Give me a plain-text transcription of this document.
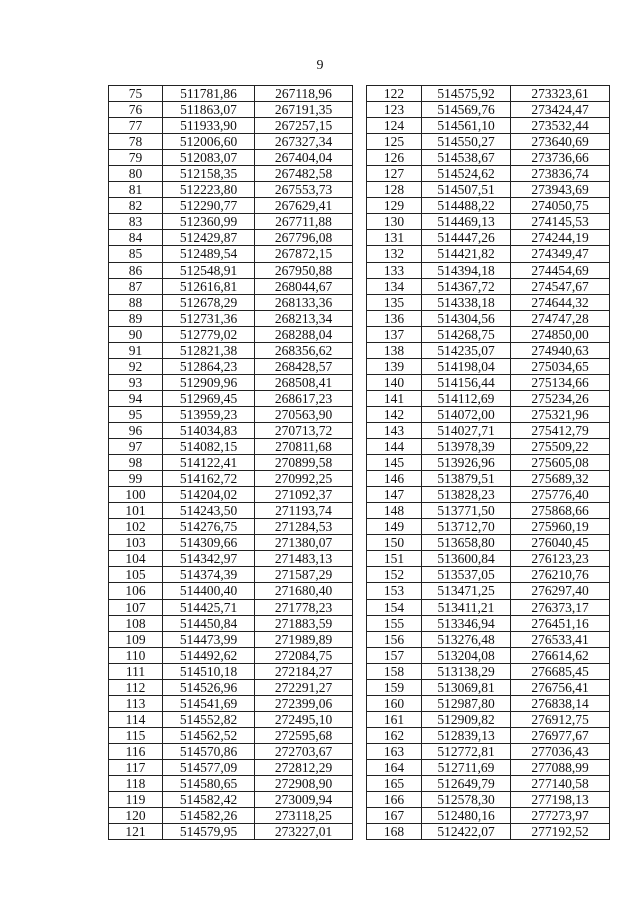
9
75	511781,86	267118,96
76	511863,07	267191,35
77	511933,90	267257,15
78	512006,60	267327,34
79	512083,07	267404,04
80	512158,35	267482,58
81	512223,80	267553,73
82	512290,77	267629,41
83	512360,99	267711,88
84	512429,87	267796,08
85	512489,54	267872,15
86	512548,91	267950,88
87	512616,81	268044,67
88	512678,29	268133,36
89	512731,36	268213,34
90	512779,02	268288,04
91	512821,38	268356,62
92	512864,23	268428,57
93	512909,96	268508,41
94	512969,45	268617,23
95	513959,23	270563,90
96	514034,83	270713,72
97	514082,15	270811,68
98	514122,41	270899,58
99	514162,72	270992,25
100	514204,02	271092,37
101	514243,50	271193,74
102	514276,75	271284,53
103	514309,66	271380,07
104	514342,97	271483,13
105	514374,39	271587,29
106	514400,40	271680,40
107	514425,71	271778,23
108	514450,84	271883,59
109	514473,99	271989,89
110	514492,62	272084,75
111	514510,18	272184,27
112	514526,96	272291,27
113	514541,69	272399,06
114	514552,82	272495,10
115	514562,52	272595,68
116	514570,86	272703,67
117	514577,09	272812,29
118	514580,65	272908,90
119	514582,42	273009,94
120	514582,26	273118,25
121	514579,95	273227,01
122	514575,92	273323,61
123	514569,76	273424,47
124	514561,10	273532,44
125	514550,27	273640,69
126	514538,67	273736,66
127	514524,62	273836,74
128	514507,51	273943,69
129	514488,22	274050,75
130	514469,13	274145,53
131	514447,26	274244,19
132	514421,82	274349,47
133	514394,18	274454,69
134	514367,72	274547,67
135	514338,18	274644,32
136	514304,56	274747,28
137	514268,75	274850,00
138	514235,07	274940,63
139	514198,04	275034,65
140	514156,44	275134,66
141	514112,69	275234,26
142	514072,00	275321,96
143	514027,71	275412,79
144	513978,39	275509,22
145	513926,96	275605,08
146	513879,51	275689,32
147	513828,23	275776,40
148	513771,50	275868,66
149	513712,70	275960,19
150	513658,80	276040,45
151	513600,84	276123,23
152	513537,05	276210,76
153	513471,25	276297,40
154	513411,21	276373,17
155	513346,94	276451,16
156	513276,48	276533,41
157	513204,08	276614,62
158	513138,29	276685,45
159	513069,81	276756,41
160	512987,80	276838,14
161	512909,82	276912,75
162	512839,13	276977,67
163	512772,81	277036,43
164	512711,69	277088,99
165	512649,79	277140,58
166	512578,30	277198,13
167	512480,16	277273,97
168	512422,07	277192,52
